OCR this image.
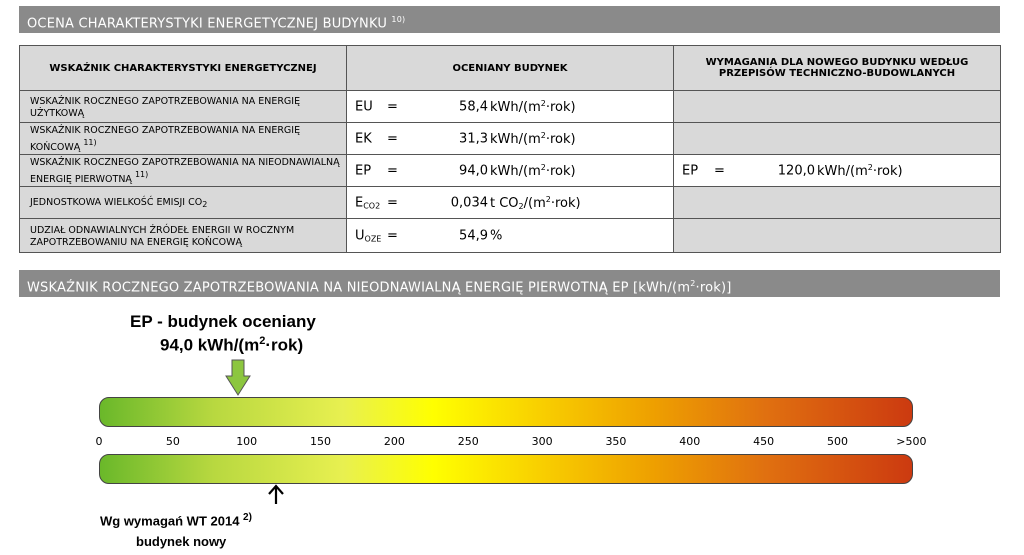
OCENA CHARAKTERYSTYKI ENERGETYCZNEJ BUDYNKU $^{10)}$
WSKAŹNIK CHARAKTERYSTYKI ENERGETYCZNEJ	OCENIANY BUDYNEK	WYMAGANIA DLA NOWEGO BUDYNKU WEDŁUG
PRZEPISÓW TECHNICZNO-BUDOWLANYCH

WSKAŹNIK ROCZNEGO ZAPOTRZEBOWANIA NA ENERGIĘ UŻYTKOWĄ	EU = 58,4 kWh/$(m^2\cdot rok)$	

WSKAŹNIK ROCZNEGO ZAPOTRZEBOWANIA NA ENERGIĘ KOŃCOWĄ $^{11)}$	EK = 31,3 kWh/$(m^2\cdot rok)$	

WSKAŹNIK ROCZNEGO ZAPOTRZEBOWANIA NA NIEODNAWIALNĄ ENERGIĘ PIERWOTNĄ $^{11)}$	EP = 94,0 kWh/$(m^2\cdot rok)$	EP = 120,0 kWh/$(m^2\cdot rok)$

JEDNOSTKOWA WIELKOŚĆ EMISJI $CO_2$	$E_{CO2} = 0,034$ t $CO_2/(m^2\cdot rok)$	

UDZIAŁ ODNAWIALNYCH ŹRÓDEŁ ENERGII W ROCZNYM ZAPOTRZEBOWANIU NA ENERGIĘ KOŃCOWĄ	$U_{OZE} = 54,9$ %	

WSKAŹNIK ROCZNEGO ZAPOTRZEBOWANIA NA NIEODNAWIALNĄ ENERGIĘ PIERWOTNĄ EP $[kWh/(m^2\cdot rok)]$
EP - budynek oceniany
94,0 kWh/$(m^2\cdot rok)$
0	50	100	150	200	250	300	350	400	450	500	>500
Wg wymagań WT 2014 $^{2)}$
budynek nowy
